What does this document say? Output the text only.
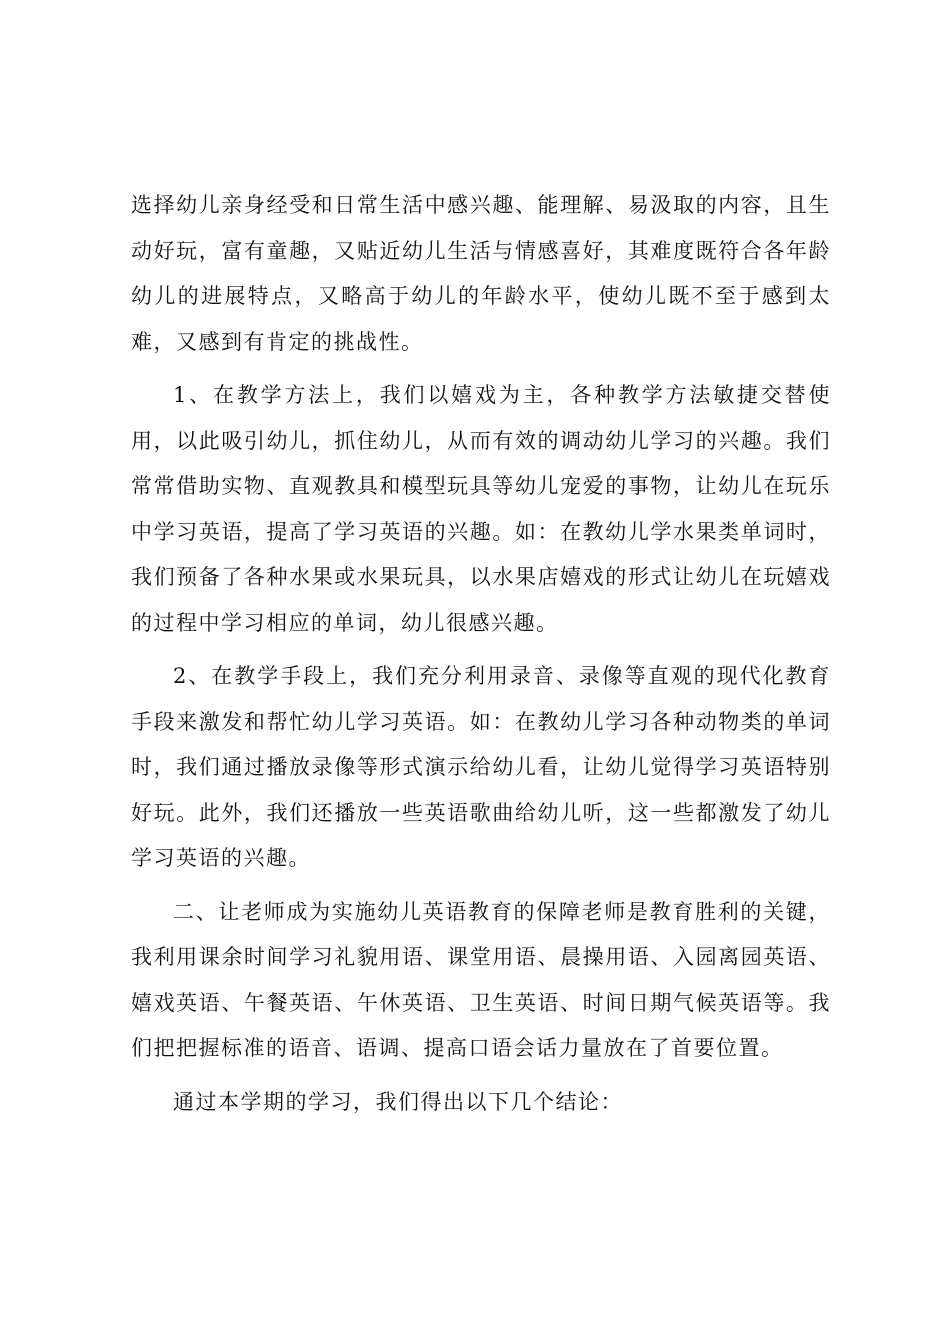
选择幼儿亲身经受和日常生活中感兴趣、能理解、易汲取的内容，且生动好玩，富有童趣，又贴近幼儿生活与情感喜好，其难度既符合各年龄幼儿的进展特点，又略高于幼儿的年龄水平，使幼儿既不至于感到太难，又感到有肯定的挑战性。

1、在教学方法上，我们以嬉戏为主，各种教学方法敏捷交替使用，以此吸引幼儿，抓住幼儿，从而有效的调动幼儿学习的兴趣。我们常常借助实物、直观教具和模型玩具等幼儿宠爱的事物，让幼儿在玩乐中学习英语，提高了学习英语的兴趣。如：在教幼儿学水果类单词时，我们预备了各种水果或水果玩具，以水果店嬉戏的形式让幼儿在玩嬉戏的过程中学习相应的单词，幼儿很感兴趣。

2、在教学手段上，我们充分利用录音、录像等直观的现代化教育手段来激发和帮忙幼儿学习英语。如：在教幼儿学习各种动物类的单词时，我们通过播放录像等形式演示给幼儿看，让幼儿觉得学习英语特别好玩。此外，我们还播放一些英语歌曲给幼儿听，这一些都激发了幼儿学习英语的兴趣。

二、让老师成为实施幼儿英语教育的保障老师是教育胜利的关键，我利用课余时间学习礼貌用语、课堂用语、晨操用语、入园离园英语、嬉戏英语、午餐英语、午休英语、卫生英语、时间日期气候英语等。我们把把握标准的语音、语调、提高口语会话力量放在了首要位置。

通过本学期的学习，我们得出以下几个结论：
